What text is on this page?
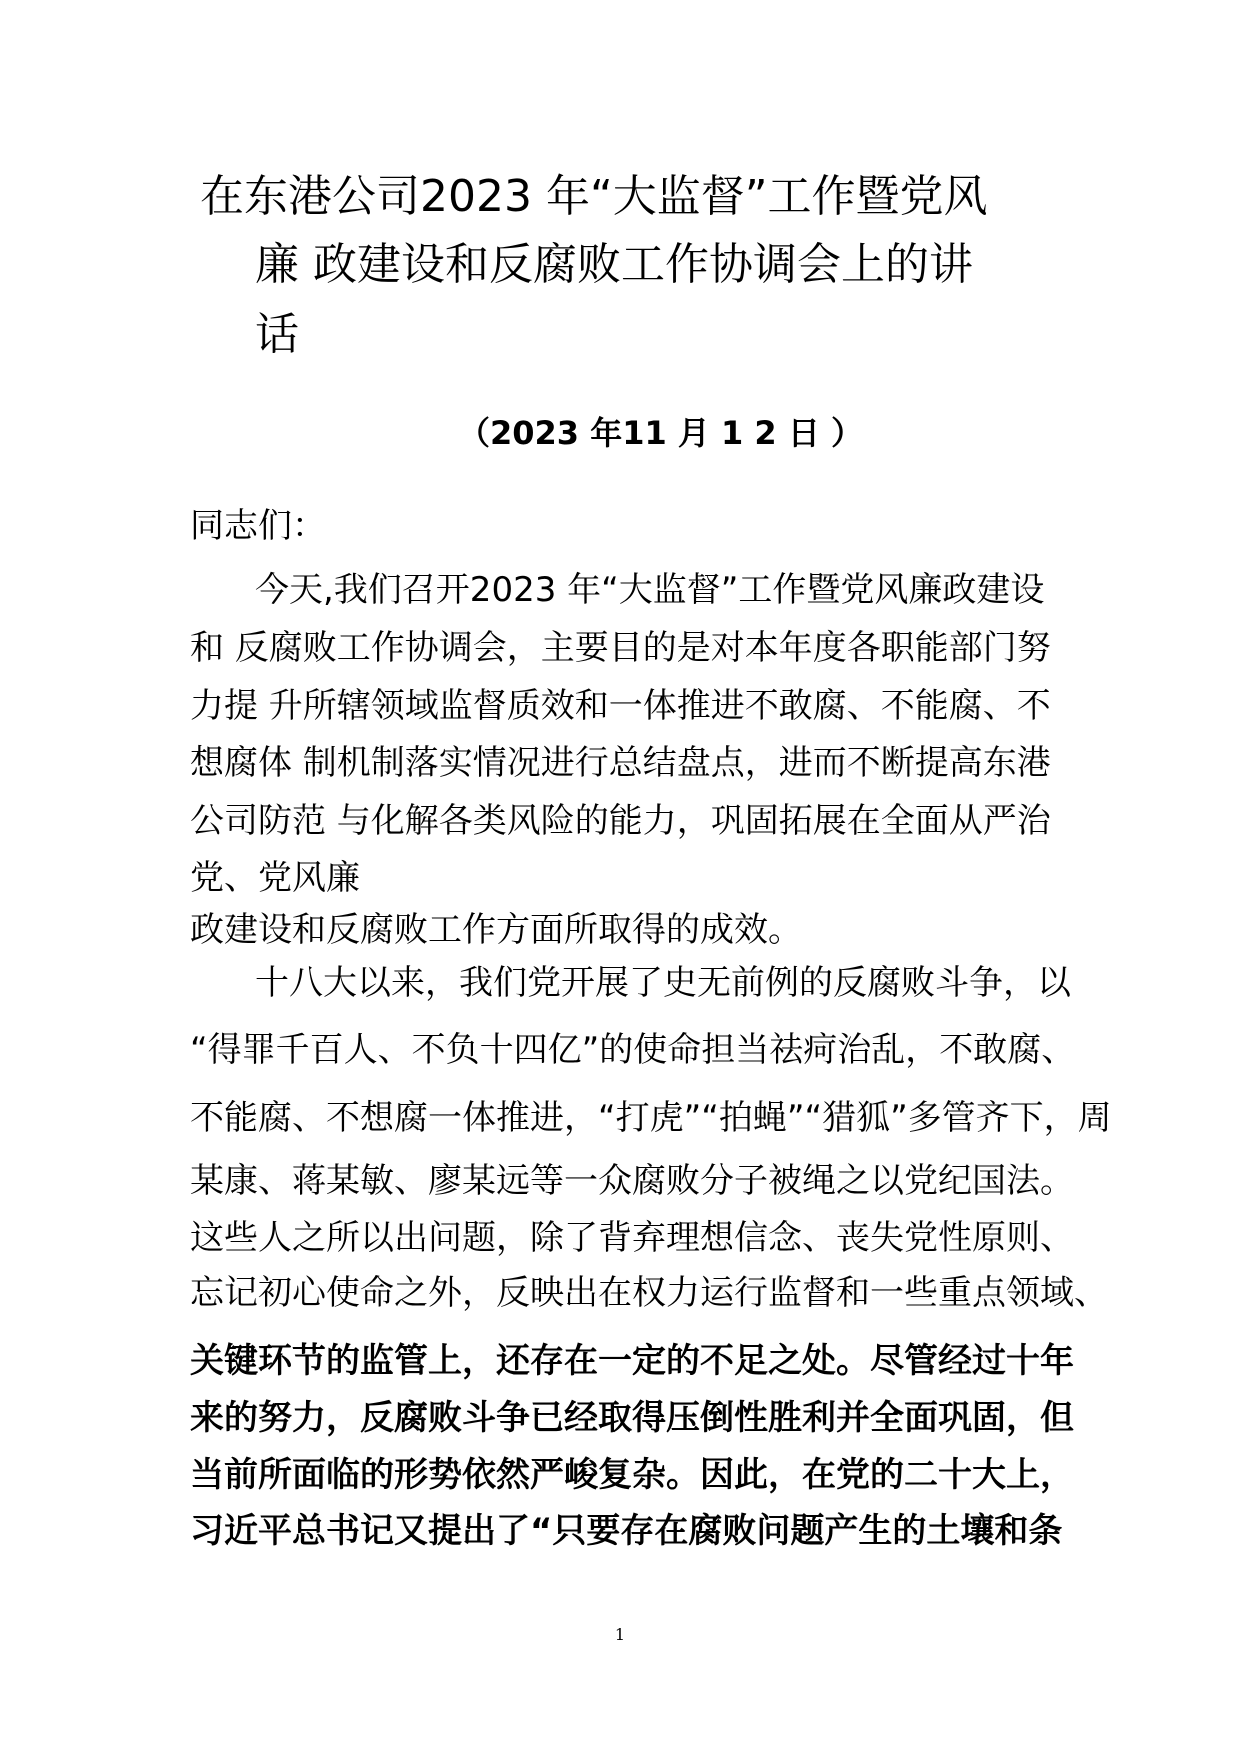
在东港公司2023 年“大监督”工作暨党风
廉 政建设和反腐败工作协调会上的讲
话
（2023 年11 月 1 2 日 ）
同志们：
今天,我们召开2023 年“大监督”工作暨党风廉政建设
和 反腐败工作协调会，主要目的是对本年度各职能部门努
力提 升所辖领域监督质效和一体推进不敢腐、不能腐、不
想腐体 制机制落实情况进行总结盘点，进而不断提高东港
公司防范 与化解各类风险的能力，巩固拓展在全面从严治
党、党风廉
政建设和反腐败工作方面所取得的成效。
十八大以来，我们党开展了史无前例的反腐败斗争，以
“得罪千百人、不负十四亿”的使命担当祛疴治乱，不敢腐、
不能腐、不想腐一体推进，“打虎”“拍蝇”“猎狐”多管齐下，周
某康、蒋某敏、廖某远等一众腐败分子被绳之以党纪国法。
这些人之所以出问题，除了背弃理想信念、丧失党性原则、
忘记初心使命之外，反映出在权力运行监督和一些重点领域、
关键环节的监管上，还存在一定的不足之处。尽管经过十年
来的努力，反腐败斗争已经取得压倒性胜利并全面巩固，但
当前所面临的形势依然严峻复杂。因此，在党的二十大上，
习近平总书记又提出了“只要存在腐败问题产生的土壤和条
1
